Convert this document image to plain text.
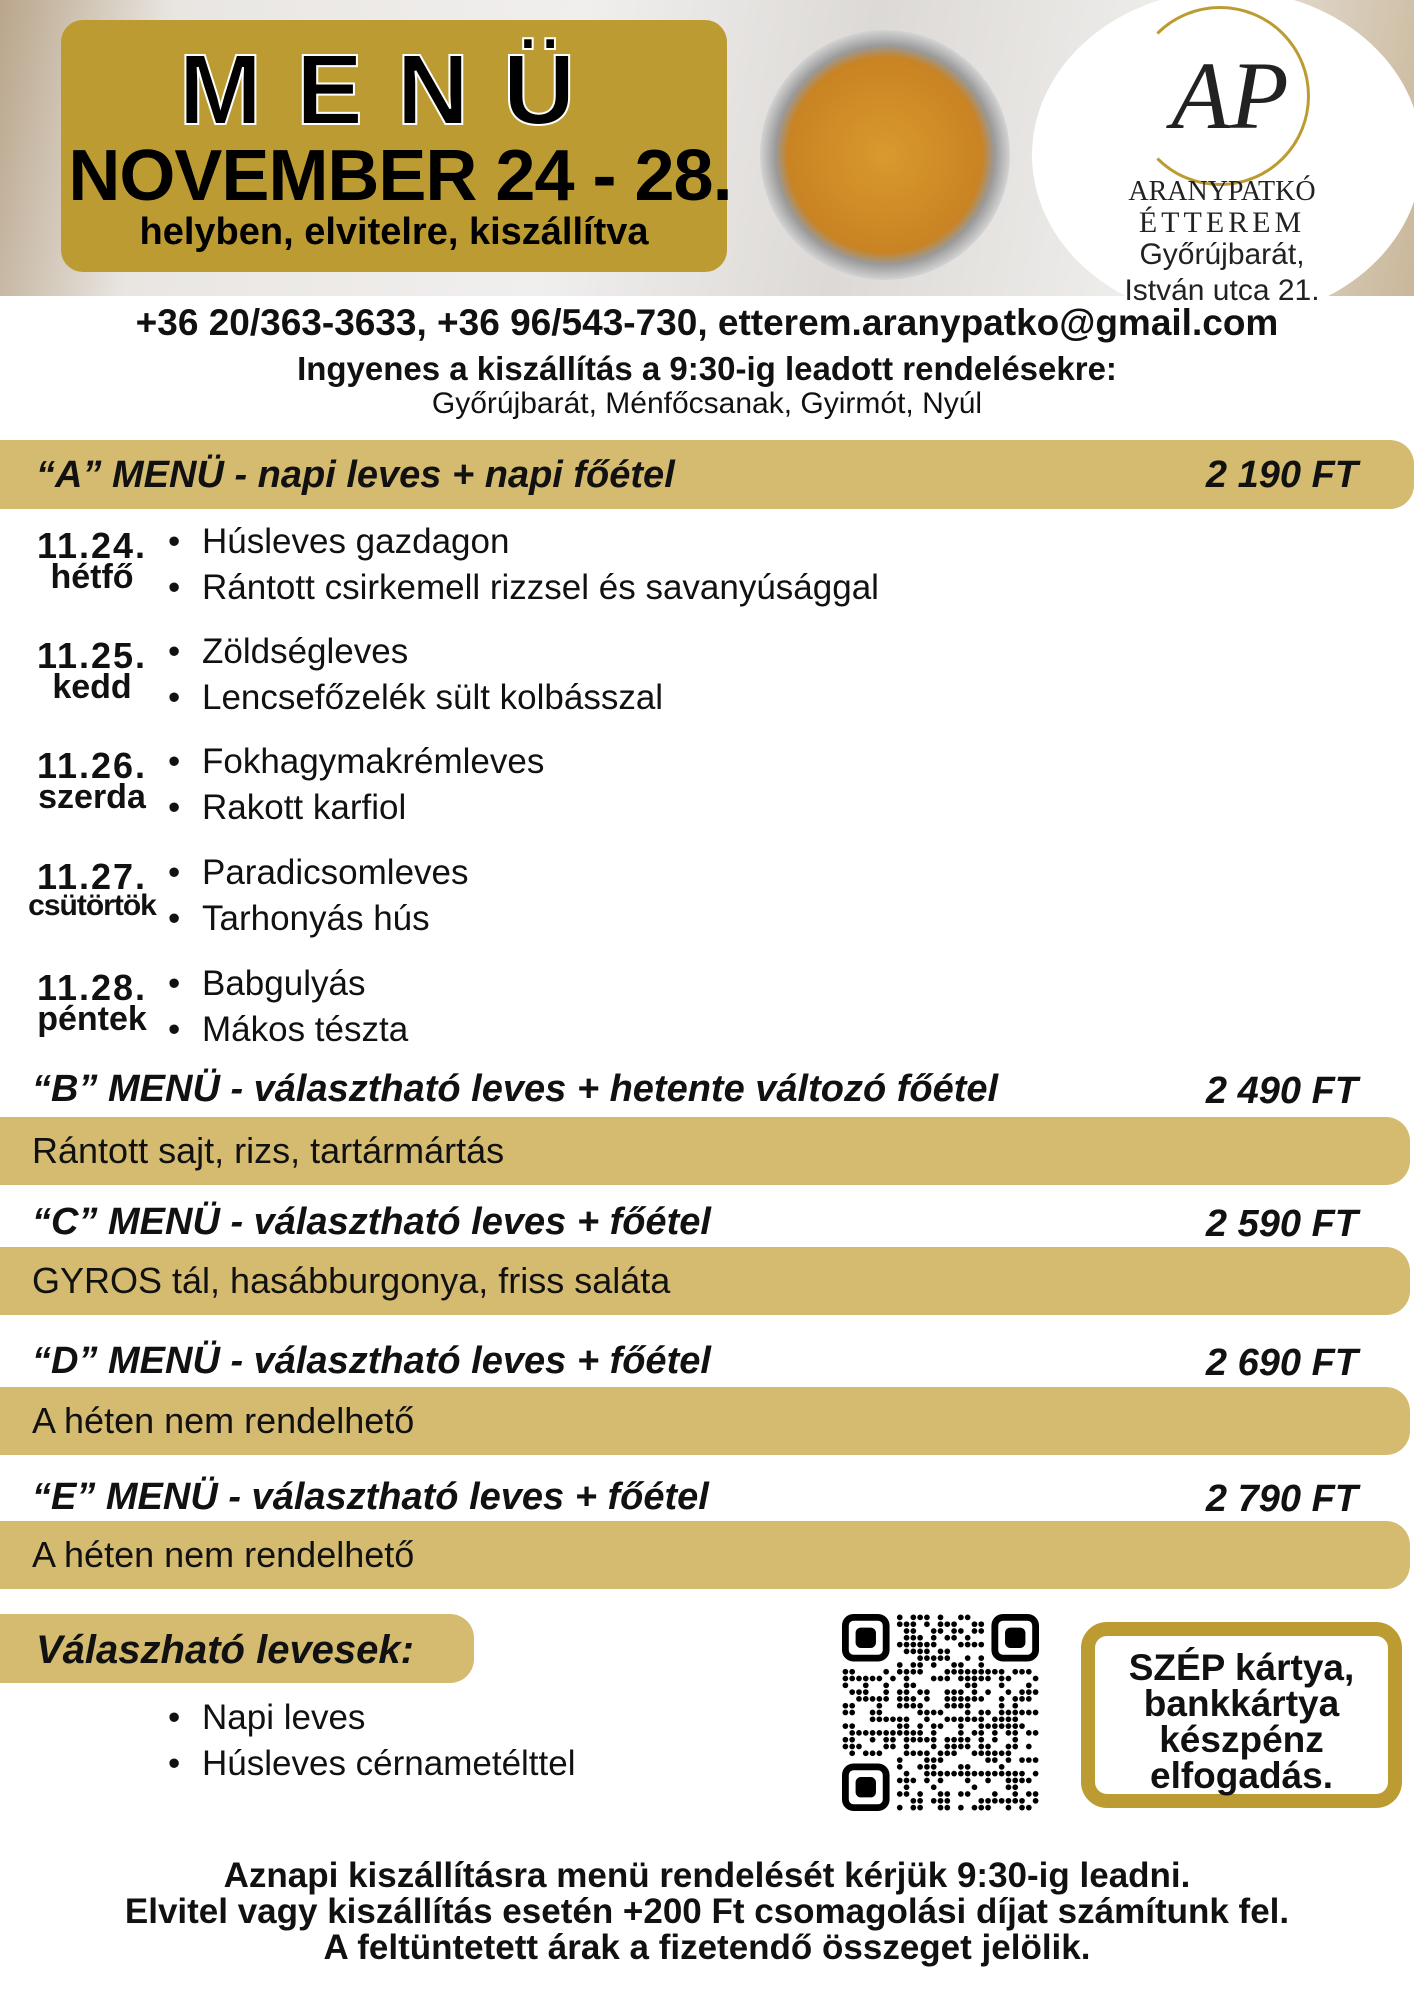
MENÜ
NOVEMBER 24 - 28.
helyben, elvitelre, kiszállítva
AP
ARANYPATKÓ
ÉTTEREM
Győrújbarát,
István utca 21.
+36 20/363-3633, +36 96/543-730, etterem.aranypatko@gmail.com
Ingyenes a kiszállítás a 9:30-ig leadott rendelésekre:
Győrújbarát, Ménfőcsanak, Gyirmót, Nyúl
“A” MENÜ - napi leves + napi főétel	2 190 FT
11.24.
hétfő
• Húsleves gazdagon
• Rántott csirkemell rizzsel és savanyúsággal
11.25.
kedd
• Zöldségleves
• Lencsefőzelék sült kolbásszal
11.26.
szerda
• Fokhagymakrémleves
• Rakott karfiol
11.27.
csütörtök
• Paradicsomleves
• Tarhonyás hús
11.28.
péntek
• Babgulyás
• Mákos tészta
“B” MENÜ - választható leves + hetente változó főétel	2 490 FT
Rántott sajt, rizs, tartármártás
“C” MENÜ - választható leves + főétel	2 590 FT
GYROS tál, hasábburgonya, friss saláta
“D” MENÜ - választható leves + főétel	2 690 FT
A héten nem rendelhető
“E” MENÜ - választható leves + főétel	2 790 FT
A héten nem rendelhető
Válaszható levesek:
• Napi leves
• Húsleves cérnametélttel
SZÉP kártya,
bankkártya
készpénz
elfogadás.
Aznapi kiszállításra menü rendelését kérjük 9:30-ig leadni.
Elvitel vagy kiszállítás esetén +200 Ft csomagolási díjat számítunk fel.
A feltüntetett árak a fizetendő összeget jelölik.
